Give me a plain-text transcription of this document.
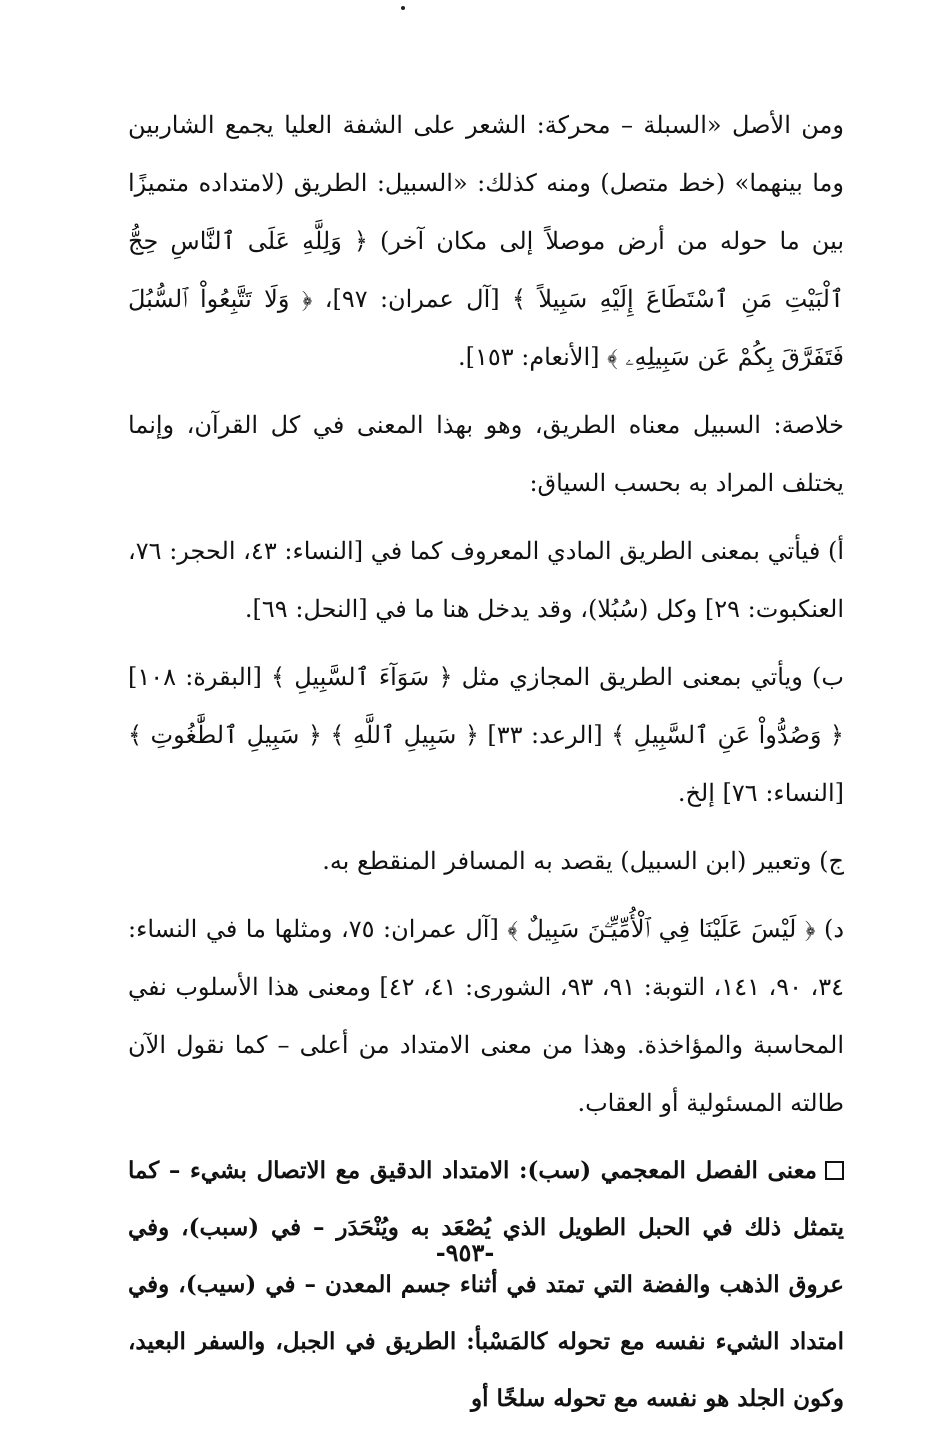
ومن الأصل «السبلة – محركة: الشعر على الشفة العليا يجمع الشاربين وما بينهما» (خط متصل) ومنه كذلك: «السبيل: الطريق (لامتداده متميزًا بين ما حوله من أرض موصلاً إلى مكان آخر) ﴿ وَلِلَّهِ عَلَى ٱلنَّاسِ حِجُّ ٱلْبَيْتِ مَنِ ٱسْتَطَاعَ إِلَيْهِ سَبِيلاً ﴾ [آل عمران: ٩٧]، ﴿ وَلَا تَتَّبِعُواْ ٱلسُّبُلَ فَتَفَرَّقَ بِكُمْ عَن سَبِيلِهِۦ ﴾ [الأنعام: ١٥٣].

خلاصة: السبيل معناه الطريق، وهو بهذا المعنى في كل القرآن، وإنما يختلف المراد به بحسب السياق:

أ) فيأتي بمعنى الطريق المادي المعروف كما في [النساء: ٤٣، الحجر: ٧٦، العنكبوت: ٢٩] وكل (سُبُلا)، وقد يدخل هنا ما في [النحل: ٦٩].

ب) ويأتي بمعنى الطريق المجازي مثل ﴿ سَوَآءَ ٱلسَّبِيلِ ﴾ [البقرة: ١٠٨] ﴿ وَصُدُّواْ عَنِ ٱلسَّبِيلِ ﴾ [الرعد: ٣٣] ﴿ سَبِيلِ ٱللَّهِ ﴾ ﴿ سَبِيلِ ٱلطَّٰغُوتِ ﴾ [النساء: ٧٦] إلخ.

ج) وتعبير (ابن السبيل) يقصد به المسافر المنقطع به.

د) ﴿ لَيْسَ عَلَيْنَا فِي ٱلْأُمِّيِّـۧنَ سَبِيلٌ ﴾ [آل عمران: ٧٥، ومثلها ما في النساء: ٣٤، ٩٠، ١٤١، التوبة: ٩١، ٩٣، الشورى: ٤١، ٤٢] ومعنى هذا الأسلوب نفي المحاسبة والمؤاخذة. وهذا من معنى الامتداد من أعلى – كما نقول الآن طالته المسئولية أو العقاب.

معنى الفصل المعجمي (سب): الامتداد الدقيق مع الاتصال بشيء – كما يتمثل ذلك في الحبل الطويل الذي يُصْعَد به ويُنْحَدَر – في (سبب)، وفي عروق الذهب والفضة التي تمتد في أثناء جسم المعدن – في (سيب)، وفي امتداد الشيء نفسه مع تحوله كالمَسْبأ: الطريق في الجبل، والسفر البعيد، وكون الجلد هو نفسه مع تحوله سلخًا أو

-٩٥٣-
